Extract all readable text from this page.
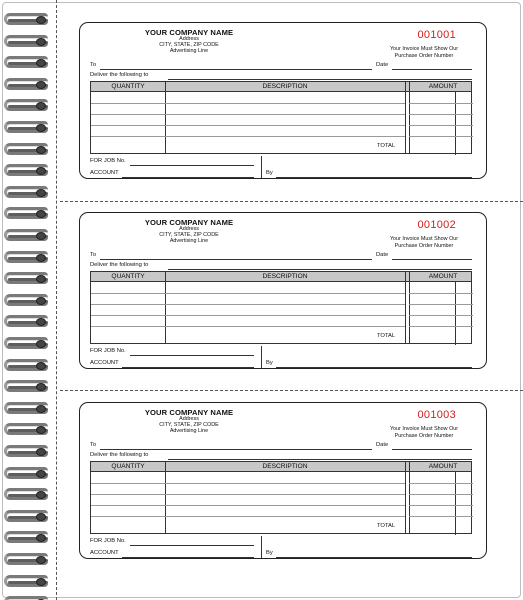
YOUR COMPANY NAME
Address
CITY, STATE, ZIP CODE
Advertising Line
001001
Your Invoice Must Show Our
Purchase Order Number
To	Date
Deliver the following to
QUANTITY	DESCRIPTION	AMOUNT
TOTAL
FOR JOB No.
ACCOUNT	By
YOUR COMPANY NAME
Address
CITY, STATE, ZIP CODE
Advertising Line
001002
Your Invoice Must Show Our
Purchase Order Number
To	Date
Deliver the following to
QUANTITY	DESCRIPTION	AMOUNT
TOTAL
FOR JOB No.
ACCOUNT	By
YOUR COMPANY NAME
Address
CITY, STATE, ZIP CODE
Advertising Line
001003
Your Invoice Must Show Our
Purchase Order Number
To	Date
Deliver the following to
QUANTITY	DESCRIPTION	AMOUNT
TOTAL
FOR JOB No.
ACCOUNT	By
